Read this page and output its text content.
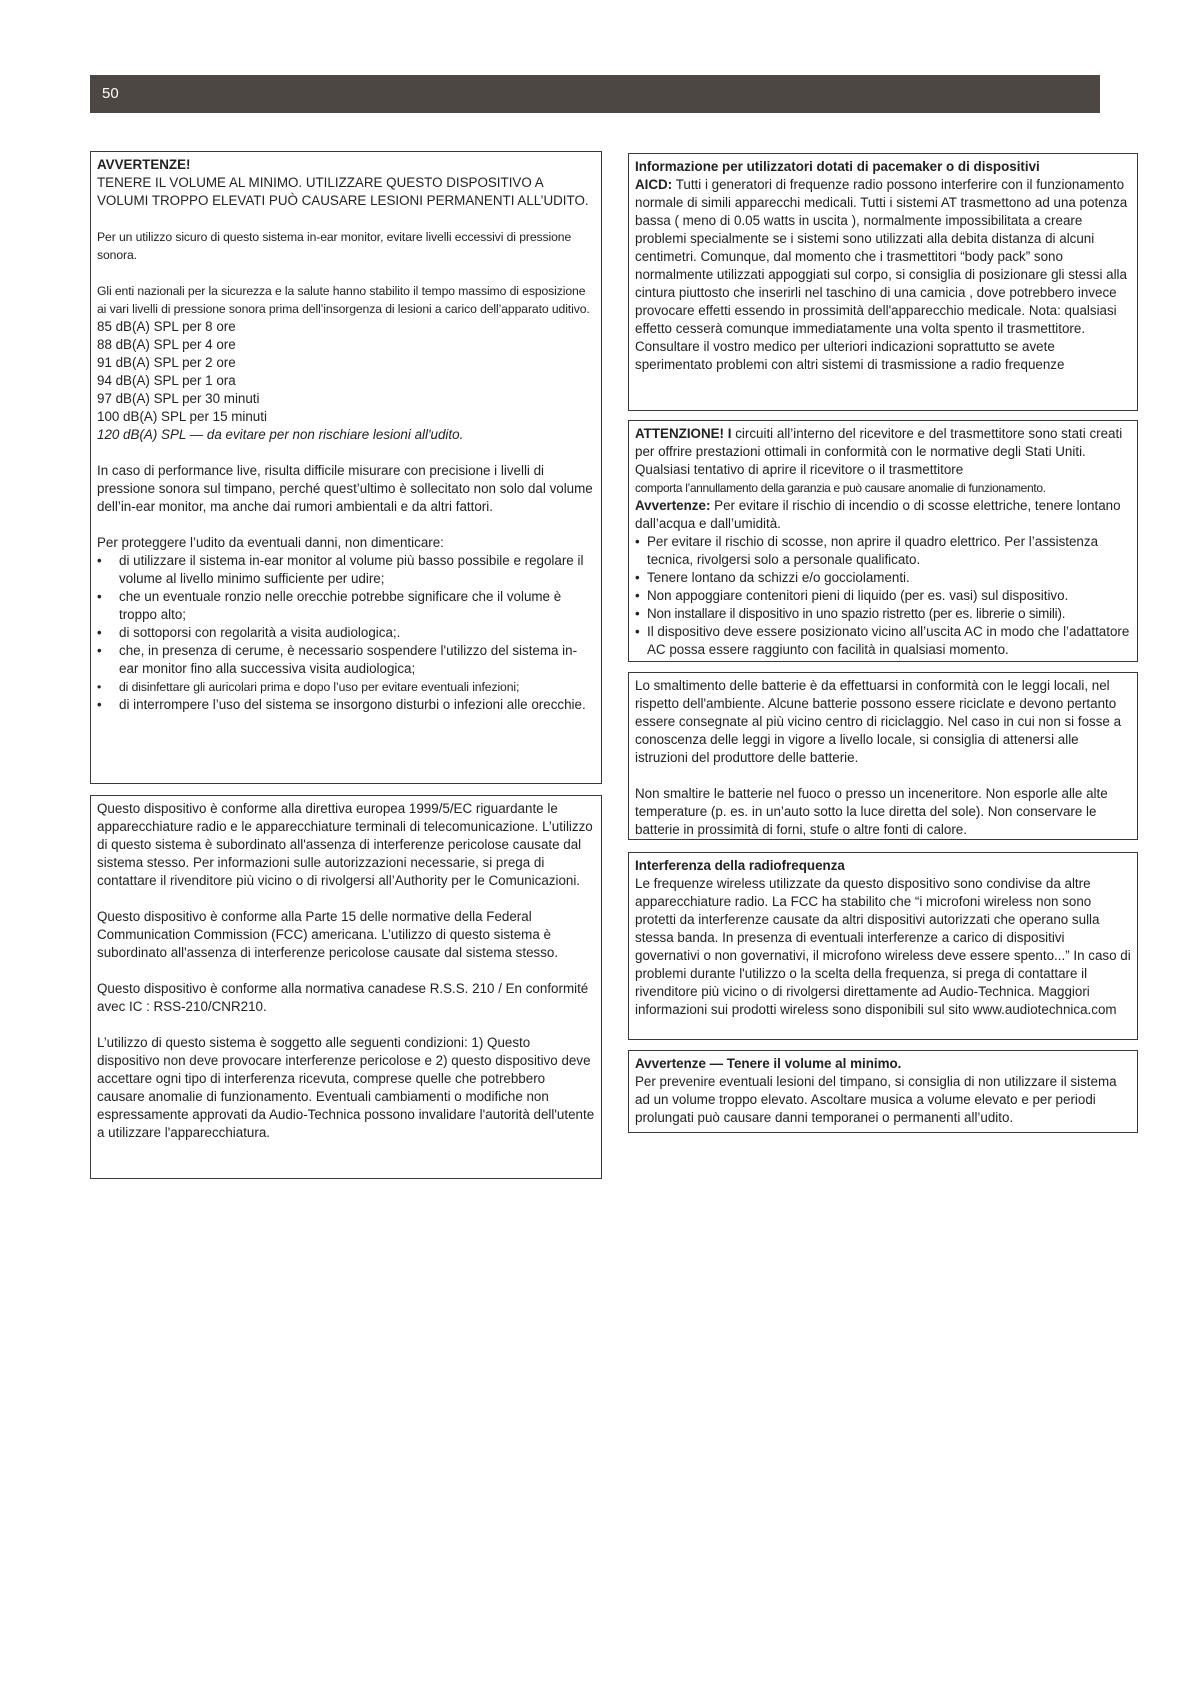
50

AVVERTENZE!

TENERE IL VOLUME AL MINIMO. UTILIZZARE QUESTO DISPOSITIVO A VOLUMI TROPPO ELEVATI PUÒ CAUSARE LESIONI PERMANENTI ALL’UDITO.

Per un utilizzo sicuro di questo sistema in-ear monitor, evitare livelli eccessivi di pressione sonora.

Gli enti nazionali per la sicurezza e la salute hanno stabilito il tempo massimo di esposizione ai vari livelli di pressione sonora prima dell’insorgenza di lesioni a carico dell’apparato uditivo.

85 dB(A) SPL per 8 ore

88 dB(A) SPL per 4 ore

91 dB(A) SPL per 2 ore

94 dB(A) SPL per 1 ora

97 dB(A) SPL per 30 minuti

100 dB(A) SPL per 15 minuti

120 dB(A) SPL — da evitare per non rischiare lesioni all'udito.

In caso di performance live, risulta difficile misurare con precisione i livelli di pressione sonora sul timpano, perché quest’ultimo è sollecitato non solo dal volume dell’in-ear monitor, ma anche dai rumori ambientali e da altri fattori.

Per proteggere l’udito da eventuali danni, non dimenticare:

•	di utilizzare il sistema in-ear monitor al volume più basso possibile e regolare il volume al livello minimo sufficiente per udire;
•	che un eventuale ronzio nelle orecchie potrebbe significare che il volume è troppo alto;
•	di sottoporsi con regolarità a visita audiologica;.
•	che, in presenza di cerume, è necessario sospendere l'utilizzo del sistema in-ear monitor fino alla successiva visita audiologica;
•	di disinfettare gli auricolari prima e dopo l’uso per evitare eventuali infezioni;
•	di interrompere l’uso del sistema se insorgono disturbi o infezioni alle orecchie.

Questo dispositivo è conforme alla direttiva europea 1999/5/EC riguardante le apparecchiature radio e le apparecchiature terminali di telecomunicazione. L’utilizzo di questo sistema è subordinato all'assenza di interferenze pericolose causate dal sistema stesso. Per informazioni sulle autorizzazioni necessarie, si prega di contattare il rivenditore più vicino o di rivolgersi all’Authority per le Comunicazioni.

Questo dispositivo è conforme alla Parte 15 delle normative della Federal Communication Commission (FCC) americana. L’utilizzo di questo sistema è subordinato all'assenza di interferenze pericolose causate dal sistema stesso.

Questo dispositivo è conforme alla normativa canadese R.S.S. 210 / En conformité avec IC : RSS-210/CNR210.

L’utilizzo di questo sistema è soggetto alle seguenti condizioni: 1) Questo dispositivo non deve provocare interferenze pericolose e 2) questo dispositivo deve accettare ogni tipo di interferenza ricevuta, comprese quelle che potrebbero causare anomalie di funzionamento. Eventuali cambiamenti o modifiche non espressamente approvati da Audio-Technica possono invalidare l'autorità dell'utente a utilizzare l'apparecchiatura.

Informazione per utilizzatori dotati di pacemaker o di dispositivi

AICD: Tutti i generatori di frequenze radio possono interferire con il funzionamento normale di simili apparecchi medicali. Tutti i sistemi AT trasmettono ad una potenza bassa ( meno di 0.05 watts in uscita ), normalmente impossibilitata a creare problemi specialmente se i sistemi sono utilizzati alla debita distanza di alcuni centimetri. Comunque, dal momento che i trasmettitori “body pack” sono normalmente utilizzati appoggiati sul corpo, si consiglia di posizionare gli stessi alla cintura piuttosto che inserirli nel taschino di una camicia , dove potrebbero invece provocare effetti essendo in prossimità dell'apparecchio medicale. Nota: qualsiasi effetto cesserà comunque immediatamente una volta spento il trasmettitore. Consultare il vostro medico per ulteriori indicazioni soprattutto se avete sperimentato problemi con altri sistemi di trasmissione a radio frequenze

ATTENZIONE! I circuiti all’interno del ricevitore e del trasmettitore sono stati creati per offrire prestazioni ottimali in conformità con le normative degli Stati Uniti. Qualsiasi tentativo di aprire il ricevitore o il trasmettitore

comporta l’annullamento della garanzia e può causare anomalie di funzionamento.

Avvertenze: Per evitare il rischio di incendio o di scosse elettriche, tenere lontano dall’acqua e dall’umidità.

• Per evitare il rischio di scosse, non aprire il quadro elettrico. Per l’assistenza tecnica, rivolgersi solo a personale qualificato.
• Tenere lontano da schizzi e/o gocciolamenti.
• Non appoggiare contenitori pieni di liquido (per es. vasi) sul dispositivo.
• Non installare il dispositivo in uno spazio ristretto (per es. librerie o simili).
• Il dispositivo deve essere posizionato vicino all’uscita AC in modo che l’adattatore AC possa essere raggiunto con facilità in qualsiasi momento.

Lo smaltimento delle batterie è da effettuarsi in conformità con le leggi locali, nel rispetto dell'ambiente. Alcune batterie possono essere riciclate e devono pertanto essere consegnate al più vicino centro di riciclaggio. Nel caso in cui non si fosse a conoscenza delle leggi in vigore a livello locale, si consiglia di attenersi alle istruzioni del produttore delle batterie.

Non smaltire le batterie nel fuoco o presso un inceneritore. Non esporle alle alte temperature (p. es. in un’auto sotto la luce diretta del sole). Non conservare le batterie in prossimità di forni, stufe o altre fonti di calore.

Interferenza della radiofrequenza

Le frequenze wireless utilizzate da questo dispositivo sono condivise da altre apparecchiature radio. La FCC ha stabilito che “i microfoni wireless non sono protetti da interferenze causate da altri dispositivi autorizzati che operano sulla stessa banda. In presenza di eventuali interferenze a carico di dispositivi governativi o non governativi, il microfono wireless deve essere spento...” In caso di problemi durante l'utilizzo o la scelta della frequenza, si prega di contattare il rivenditore più vicino o di rivolgersi direttamente ad Audio-Technica. Maggiori informazioni sui prodotti wireless sono disponibili sul sito www.audiotechnica.com

Avvertenze — Tenere il volume al minimo.

Per prevenire eventuali lesioni del timpano, si consiglia di non utilizzare il sistema ad un volume troppo elevato. Ascoltare musica a volume elevato e per periodi prolungati può causare danni temporanei o permanenti all’udito.
